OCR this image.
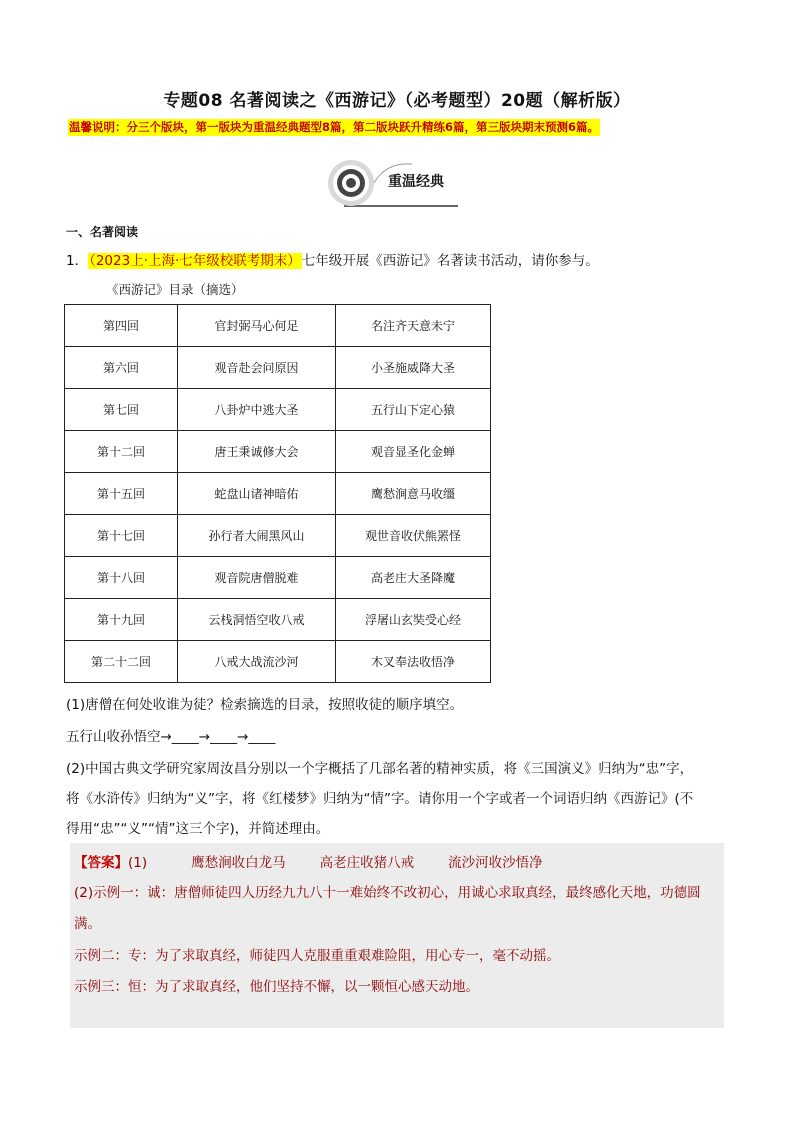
专题08 名著阅读之《西游记》（必考题型）20题（解析版）
温馨说明：分三个版块，第一版块为重温经典题型8篇，第二版块跃升精练6篇，第三版块期末预测6篇。
重温经典
一、名著阅读
1．（2023上·上海·七年级校联考期末）七年级开展《西游记》名著读书活动，请你参与。
《西游记》目录（摘选）
第四回	官封弼马心何足	名注齐天意未宁
第六回	观音赴会问原因	小圣施威降大圣
第七回	八卦炉中逃大圣	五行山下定心猿
第十二回	唐王秉诚修大会	观音显圣化金蝉
第十五回	蛇盘山诸神暗佑	鹰愁涧意马收缰
第十七回	孙行者大闹黑风山	观世音收伏熊罴怪
第十八回	观音院唐僧脱难	高老庄大圣降魔
第十九回	云栈洞悟空收八戒	浮屠山玄奘受心经
第二十二回	八戒大战流沙河	木叉奉法收悟净
(1)唐僧在何处收谁为徒？检索摘选的目录，按照收徒的顺序填空。
五行山收孙悟空→____→____→____
(2)中国古典文学研究家周汝昌分别以一个字概括了几部名著的精神实质，将《三国演义》归纳为“忠”字，
将《水浒传》归纳为“义”字，将《红楼梦》归纳为“情”字。请你用一个字或者一个词语归纳《西游记》(不
得用“忠”“义”“情”这三个字)，并简述理由。
【答案】(1)	鹰愁涧收白龙马	高老庄收猪八戒	流沙河收沙悟净
(2)示例一：诚：唐僧师徒四人历经九九八十一难始终不改初心，用诚心求取真经，最终感化天地，功德圆
满。
示例二：专：为了求取真经，师徒四人克服重重艰难险阻，用心专一，毫不动摇。
示例三：恒：为了求取真经，他们坚持不懈，以一颗恒心感天动地。
